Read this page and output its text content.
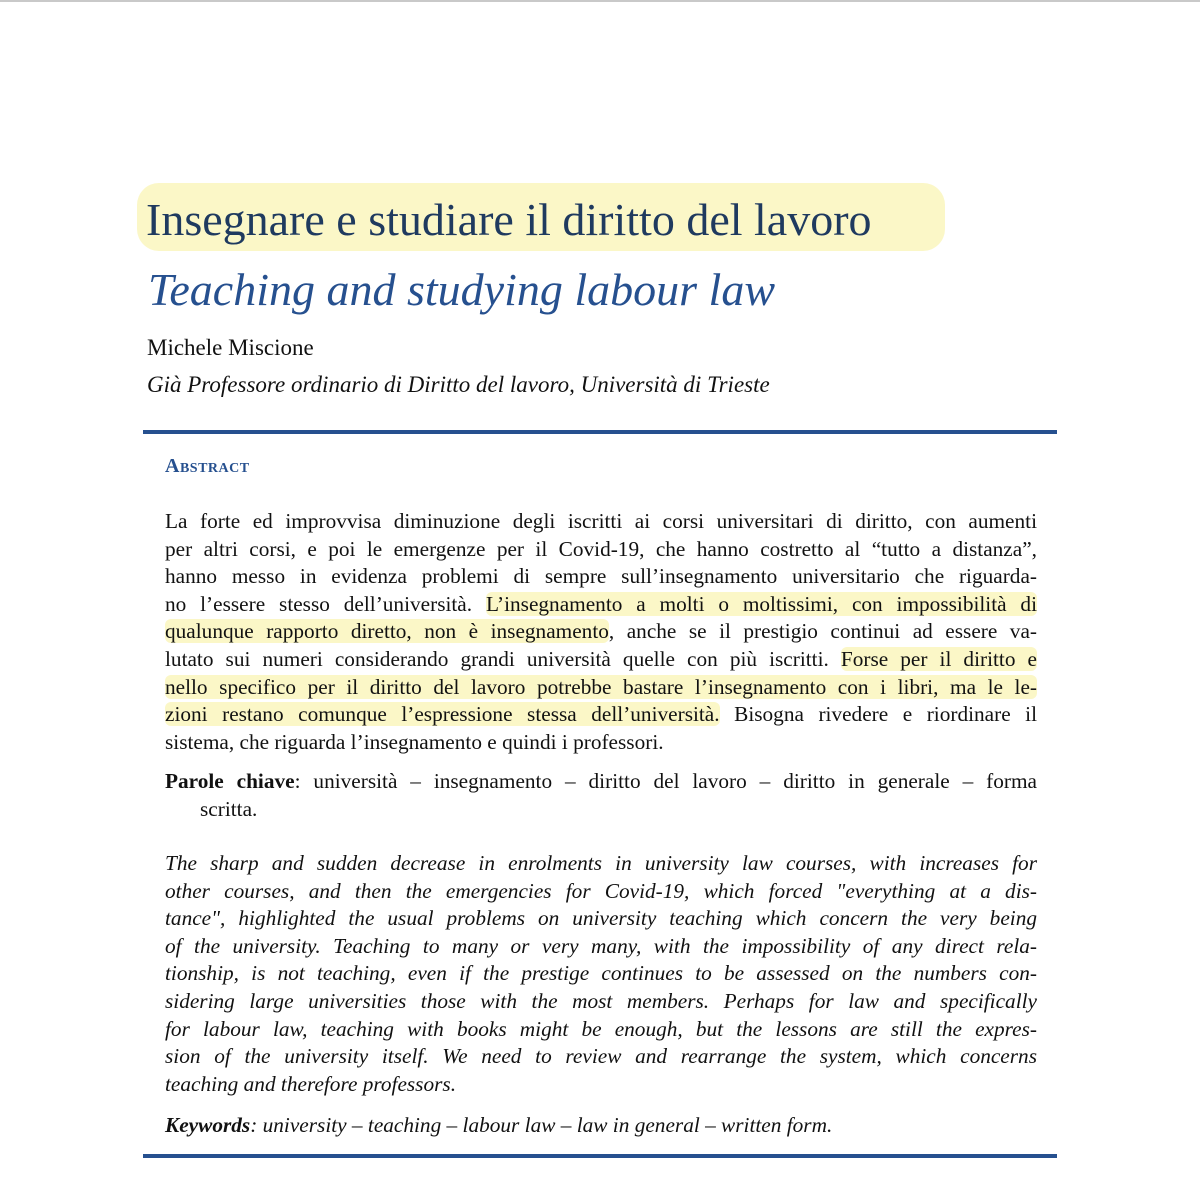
Insegnare e studiare il diritto del lavoro
Teaching and studying labour law
Michele Miscione
Già Professore ordinario di Diritto del lavoro, Università di Trieste
Abstract
La forte ed improvvisa diminuzione degli iscritti ai corsi universitari di diritto, con aumenti
per altri corsi, e poi le emergenze per il Covid-19, che hanno costretto al “tutto a distanza”,
hanno messo in evidenza problemi di sempre sull’insegnamento universitario che riguarda-
no l’essere stesso dell’università. L’insegnamento a molti o moltissimi, con impossibilità di
qualunque rapporto diretto, non è insegnamento, anche se il prestigio continui ad essere va-
lutato sui numeri considerando grandi università quelle con più iscritti. Forse per il diritto e
nello specifico per il diritto del lavoro potrebbe bastare l’insegnamento con i libri, ma le le-
zioni restano comunque l’espressione stessa dell’università. Bisogna rivedere e riordinare il
sistema, che riguarda l’insegnamento e quindi i professori.
Parole chiave: università – insegnamento – diritto del lavoro – diritto in generale – forma
scritta.
The sharp and sudden decrease in enrolments in university law courses, with increases for
other courses, and then the emergencies for Covid-19, which forced "everything at a dis-
tance", highlighted the usual problems on university teaching which concern the very being
of the university. Teaching to many or very many, with the impossibility of any direct rela-
tionship, is not teaching, even if the prestige continues to be assessed on the numbers con-
sidering large universities those with the most members. Perhaps for law and specifically
for labour law, teaching with books might be enough, but the lessons are still the expres-
sion of the university itself. We need to review and rearrange the system, which concerns
teaching and therefore professors.
Keywords: university – teaching – labour law – law in general – written form.
